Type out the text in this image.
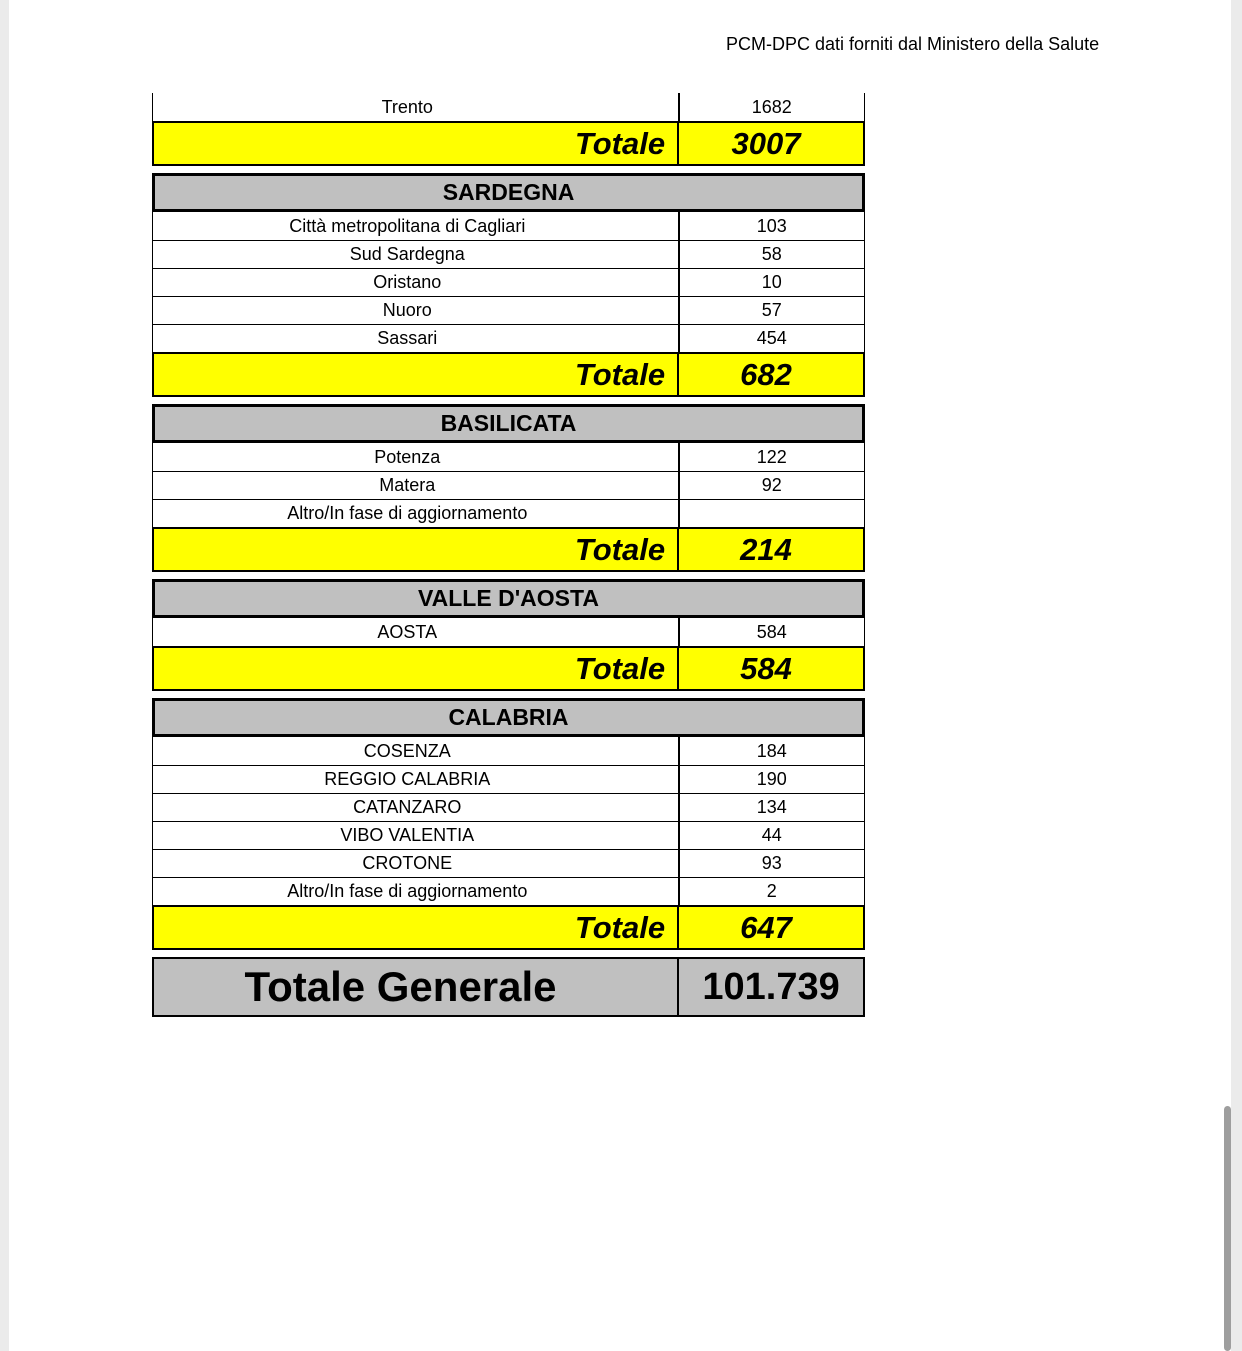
PCM-DPC dati forniti dal Ministero della Salute
Trento	1682
Totale 3007
SARDEGNA
Città metropolitana di Cagliari	103
Sud Sardegna	58
Oristano	10
Nuoro	57
Sassari	454
Totale 682
BASILICATA
Potenza	122
Matera	92
Altro/In fase di aggiornamento
Totale 214
VALLE D'AOSTA
AOSTA	584
Totale 584
CALABRIA
COSENZA	184
REGGIO CALABRIA	190
CATANZARO	134
VIBO VALENTIA	44
CROTONE	93
Altro/In fase di aggiornamento	2
Totale 647
Totale Generale	101.739
